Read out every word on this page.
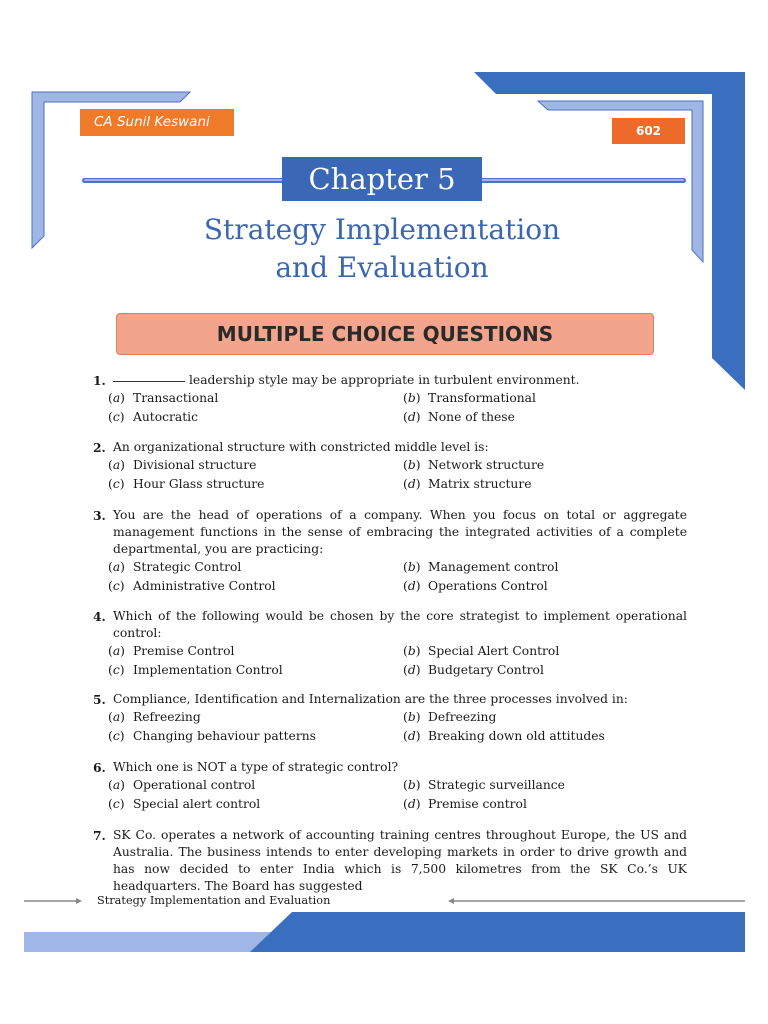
CA Sunil Keswani
602
Chapter 5
Strategy Implementation
and Evaluation
MULTIPLE CHOICE QUESTIONS
1.	leadership style may be appropriate in turbulent environment.
(a) Transactional	(b) Transformational
(c) Autocratic	(d) None of these
2. An organizational structure with constricted middle level is:
(a) Divisional structure	(b) Network structure
(c) Hour Glass structure	(d) Matrix structure
3. You are the head of operations of a company. When you focus on total or aggregate management functions in the sense of embracing the integrated activities of a complete departmental, you are practicing:
(a) Strategic Control	(b) Management control
(c) Administrative Control	(d) Operations Control
4. Which of the following would be chosen by the core strategist to implement operational control:
(a) Premise Control	(b) Special Alert Control
(c) Implementation Control	(d) Budgetary Control
5. Compliance, Identification and Internalization are the three processes involved in:
(a) Refreezing	(b) Defreezing
(c) Changing behaviour patterns	(d) Breaking down old attitudes
6. Which one is NOT a type of strategic control?
(a) Operational control	(b) Strategic surveillance
(c) Special alert control	(d) Premise control
7. SK Co. operates a network of accounting training centres throughout Europe, the US and Australia. The business intends to enter developing markets in order to drive growth and has now decided to enter India which is 7,500 kilometres from the SK Co.’s UK headquarters. The Board has suggested
Strategy Implementation and Evaluation
